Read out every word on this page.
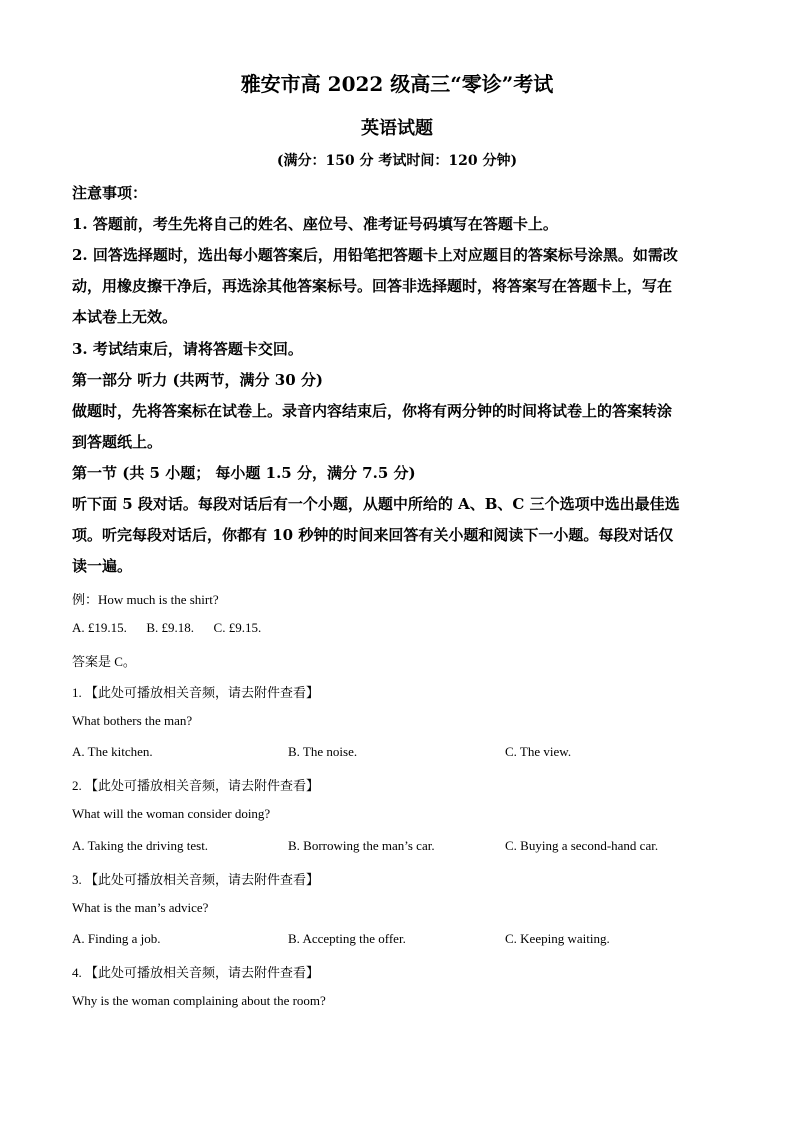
雅安市高 2022 级高三“零诊”考试
英语试题
(满分：150 分 考试时间：120 分钟)
注意事项：
1. 答题前，考生先将自己的姓名、座位号、准考证号码填写在答题卡上。
2. 回答选择题时，选出每小题答案后，用铅笔把答题卡上对应题目的答案标号涂黑。如需改
动，用橡皮擦干净后，再选涂其他答案标号。回答非选择题时，将答案写在答题卡上，写在
本试卷上无效。
3. 考试结束后，请将答题卡交回。
第一部分 听力 (共两节，满分 30 分)
做题时，先将答案标在试卷上。录音内容结束后，你将有两分钟的时间将试卷上的答案转涂
到答题纸上。
第一节 (共 5 小题； 每小题 1.5 分，满分 7.5 分)
听下面 5 段对话。每段对话后有一个小题，从题中所给的 A、B、C 三个选项中选出最佳选
项。听完每段对话后，你都有 10 秒钟的时间来回答有关小题和阅读下一小题。每段对话仅
读一遍。
例：How much is the shirt?
A. £19.15.      B. £9.18.      C. £9.15.
答案是 C。
1. 【此处可播放相关音频，请去附件查看】
What bothers the man?
A. The kitchen.	B. The noise.	C. The view.
2. 【此处可播放相关音频，请去附件查看】
What will the woman consider doing?
A. Taking the driving test.	B. Borrowing the man’s car.	C. Buying a second-hand car.
3. 【此处可播放相关音频，请去附件查看】
What is the man’s advice?
A. Finding a job.	B. Accepting the offer.	C. Keeping waiting.
4. 【此处可播放相关音频，请去附件查看】
Why is the woman complaining about the room?
